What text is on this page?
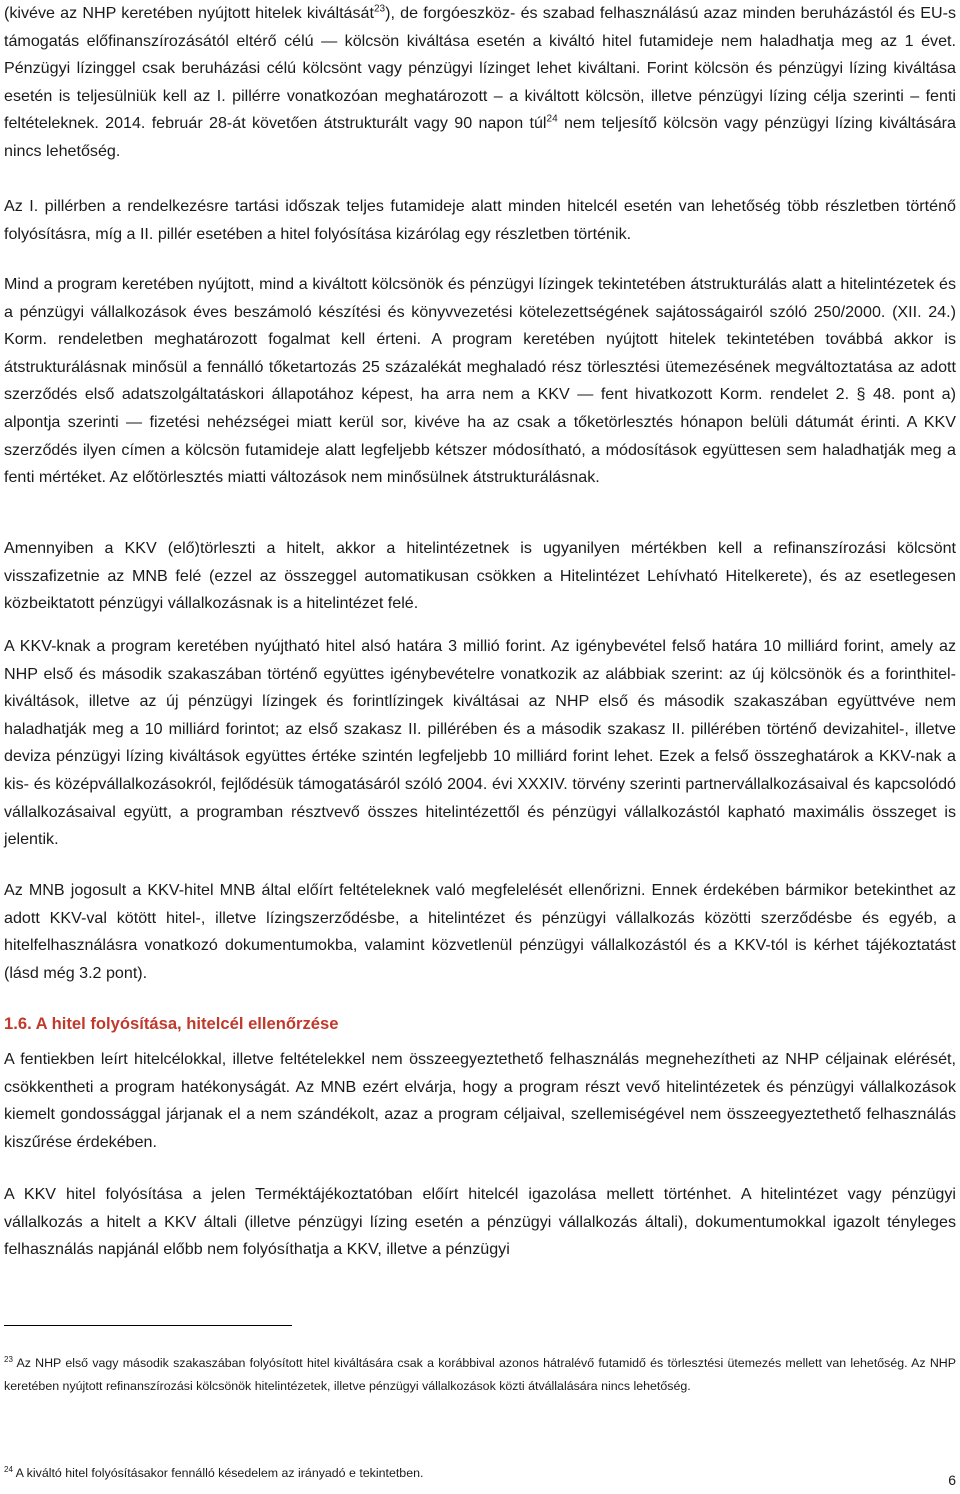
(kivéve az NHP keretében nyújtott hitelek kiváltását$^{23}$), de forgóeszköz- és szabad felhasználású azaz minden beruházástól és EU-s támogatás előfinanszírozásától eltérő célú — kölcsön kiváltása esetén a kiváltó hitel futamideje nem haladhatja meg az 1 évet. Pénzügyi lízinggel csak beruházási célú kölcsönt vagy pénzügyi lízinget lehet kiváltani. Forint kölcsön és pénzügyi lízing kiváltása esetén is teljesülniük kell az I. pillérre vonatkozóan meghatározott – a kiváltott kölcsön, illetve pénzügyi lízing célja szerinti – fenti feltételeknek. 2014. február 28-át követően átstrukturált vagy 90 napon túl$^{24}$ nem teljesítő kölcsön vagy pénzügyi lízing kiváltására nincs lehetőség.

Az I. pillérben a rendelkezésre tartási időszak teljes futamideje alatt minden hitelcél esetén van lehetőség több részletben történő folyósításra, míg a II. pillér esetében a hitel folyósítása kizárólag egy részletben történik.

Mind a program keretében nyújtott, mind a kiváltott kölcsönök és pénzügyi lízingek tekintetében átstrukturálás alatt a hitelintézetek és a pénzügyi vállalkozások éves beszámoló készítési és könyvvezetési kötelezettségének sajátosságairól szóló 250/2000. (XII. 24.) Korm. rendeletben meghatározott fogalmat kell érteni. A program keretében nyújtott hitelek tekintetében továbbá akkor is átstrukturálásnak minősül a fennálló tőketartozás 25 százalékát meghaladó rész törlesztési ütemezésének megváltoztatása az adott szerződés első adatszolgáltatáskori állapotához képest, ha arra nem a KKV — fent hivatkozott Korm. rendelet 2. § 48. pont a) alpontja szerinti — fizetési nehézségei miatt kerül sor, kivéve ha az csak a tőketörlesztés hónapon belüli dátumát érinti. A KKV szerződés ilyen címen a kölcsön futamideje alatt legfeljebb kétszer módosítható, a módosítások együttesen sem haladhatják meg a fenti mértéket. Az előtörlesztés miatti változások nem minősülnek átstrukturálásnak.

Amennyiben a KKV (elő)törleszti a hitelt, akkor a hitelintézetnek is ugyanilyen mértékben kell a refinanszírozási kölcsönt visszafizetnie az MNB felé (ezzel az összeggel automatikusan csökken a Hitelintézet Lehívható Hitelkerete), és az esetlegesen közbeiktatott pénzügyi vállalkozásnak is a hitelintézet felé.

A KKV-knak a program keretében nyújtható hitel alsó határa 3 millió forint. Az igénybevétel felső határa 10 milliárd forint, amely az NHP első és második szakaszában történő együttes igénybevételre vonatkozik az alábbiak szerint: az új kölcsönök és a forinthitel-kiváltások, illetve az új pénzügyi lízingek és forintlízingek kiváltásai az NHP első és második szakaszában együttvéve nem haladhatják meg a 10 milliárd forintot; az első szakasz II. pillérében és a második szakasz II. pillérében történő devizahitel-, illetve deviza pénzügyi lízing kiváltások együttes értéke szintén legfeljebb 10 milliárd forint lehet. Ezek a felső összeghatárok a KKV-nak a kis- és középvállalkozásokról, fejlődésük támogatásáról szóló 2004. évi XXXIV. törvény szerinti partnervállalkozásaival és kapcsolódó vállalkozásaival együtt, a programban résztvevő összes hitelintézettől és pénzügyi vállalkozástól kapható maximális összeget is jelentik.

Az MNB jogosult a KKV-hitel MNB által előírt feltételeknek való megfelelését ellenőrizni. Ennek érdekében bármikor betekinthet az adott KKV-val kötött hitel-, illetve lízingszerződésbe, a hitelintézet és pénzügyi vállalkozás közötti szerződésbe és egyéb, a hitelfelhasználásra vonatkozó dokumentumokba, valamint közvetlenül pénzügyi vállalkozástól és a KKV-tól is kérhet tájékoztatást (lásd még 3.2 pont).

1.6. A hitel folyósítása, hitelcél ellenőrzése

A fentiekben leírt hitelcélokkal, illetve feltételekkel nem összeegyeztethető felhasználás megnehezítheti az NHP céljainak elérését, csökkentheti a program hatékonyságát. Az MNB ezért elvárja, hogy a program részt vevő hitelintézetek és pénzügyi vállalkozások kiemelt gondossággal járjanak el a nem szándékolt, azaz a program céljaival, szellemiségével nem összeegyeztethető felhasználás kiszűrése érdekében.

A KKV hitel folyósítása a jelen Terméktájékoztatóban előírt hitelcél igazolása mellett történhet. A hitelintézet vagy pénzügyi vállalkozás a hitelt a KKV általi (illetve pénzügyi lízing esetén a pénzügyi vállalkozás általi), dokumentumokkal igazolt tényleges felhasználás napjánál előbb nem folyósíthatja a KKV, illetve a pénzügyi

$^{23}$ Az NHP első vagy második szakaszában folyósított hitel kiváltására csak a korábbival azonos hátralévő futamidő és törlesztési ütemezés mellett van lehetőség. Az NHP keretében nyújtott refinanszírozási kölcsönök hitelintézetek, illetve pénzügyi vállalkozások közti átvállalására nincs lehetőség.

$^{24}$ A kiváltó hitel folyósításakor fennálló késedelem az irányadó e tekintetben.	6
